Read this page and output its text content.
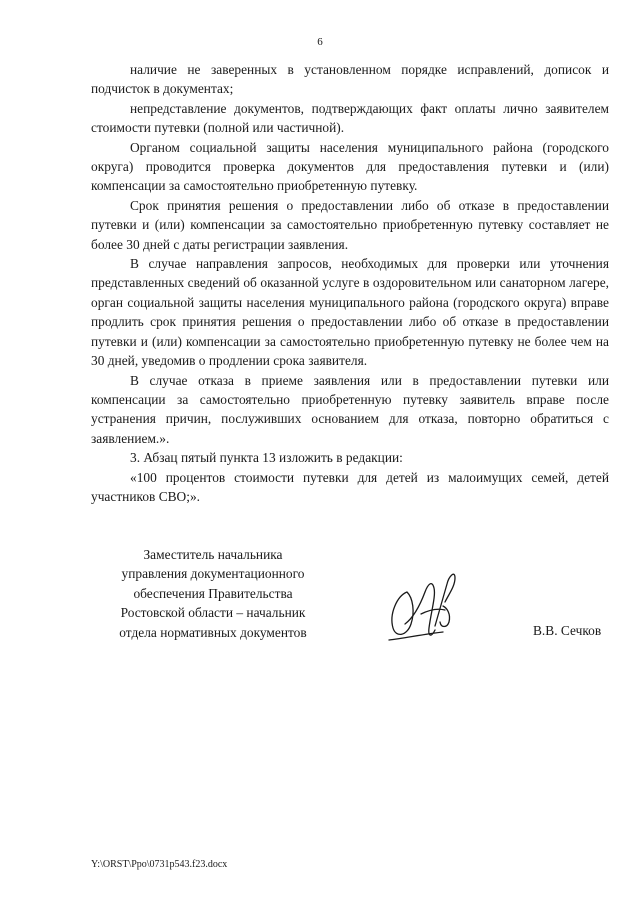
6

наличие не заверенных в установленном порядке исправлений, дописок и подчисток в документах;

непредставление документов, подтверждающих факт оплаты лично заявителем стоимости путевки (полной или частичной).

Органом социальной защиты населения муниципального района (городского округа) проводится проверка документов для предоставления путевки и (или) компенсации за самостоятельно приобретенную путевку.

Срок принятия решения о предоставлении либо об отказе в предоставлении путевки и (или) компенсации за самостоятельно приобретенную путевку составляет не более 30 дней с даты регистрации заявления.

В случае направления запросов, необходимых для проверки или уточнения представленных сведений об оказанной услуге в оздоровительном или санаторном лагере, орган социальной защиты населения муниципального района (городского округа) вправе продлить срок принятия решения о предоставлении либо об отказе в предоставлении путевки и (или) компенсации за самостоятельно приобретенную путевку не более чем на 30 дней, уведомив о продлении срока заявителя.

В случае отказа в приеме заявления или в предоставлении путевки или компенсации за самостоятельно приобретенную путевку заявитель вправе после устранения причин, послуживших основанием для отказа, повторно обратиться с заявлением.».

3. Абзац пятый пункта 13 изложить в редакции:

«100 процентов стоимости путевки для детей из малоимущих семей, детей участников СВО;».

Заместитель начальника
управления документационного
обеспечения Правительства
Ростовской области – начальник
отдела нормативных документов	В.В. Сечков
Y:\ORST\Ppo\0731p543.f23.docx
